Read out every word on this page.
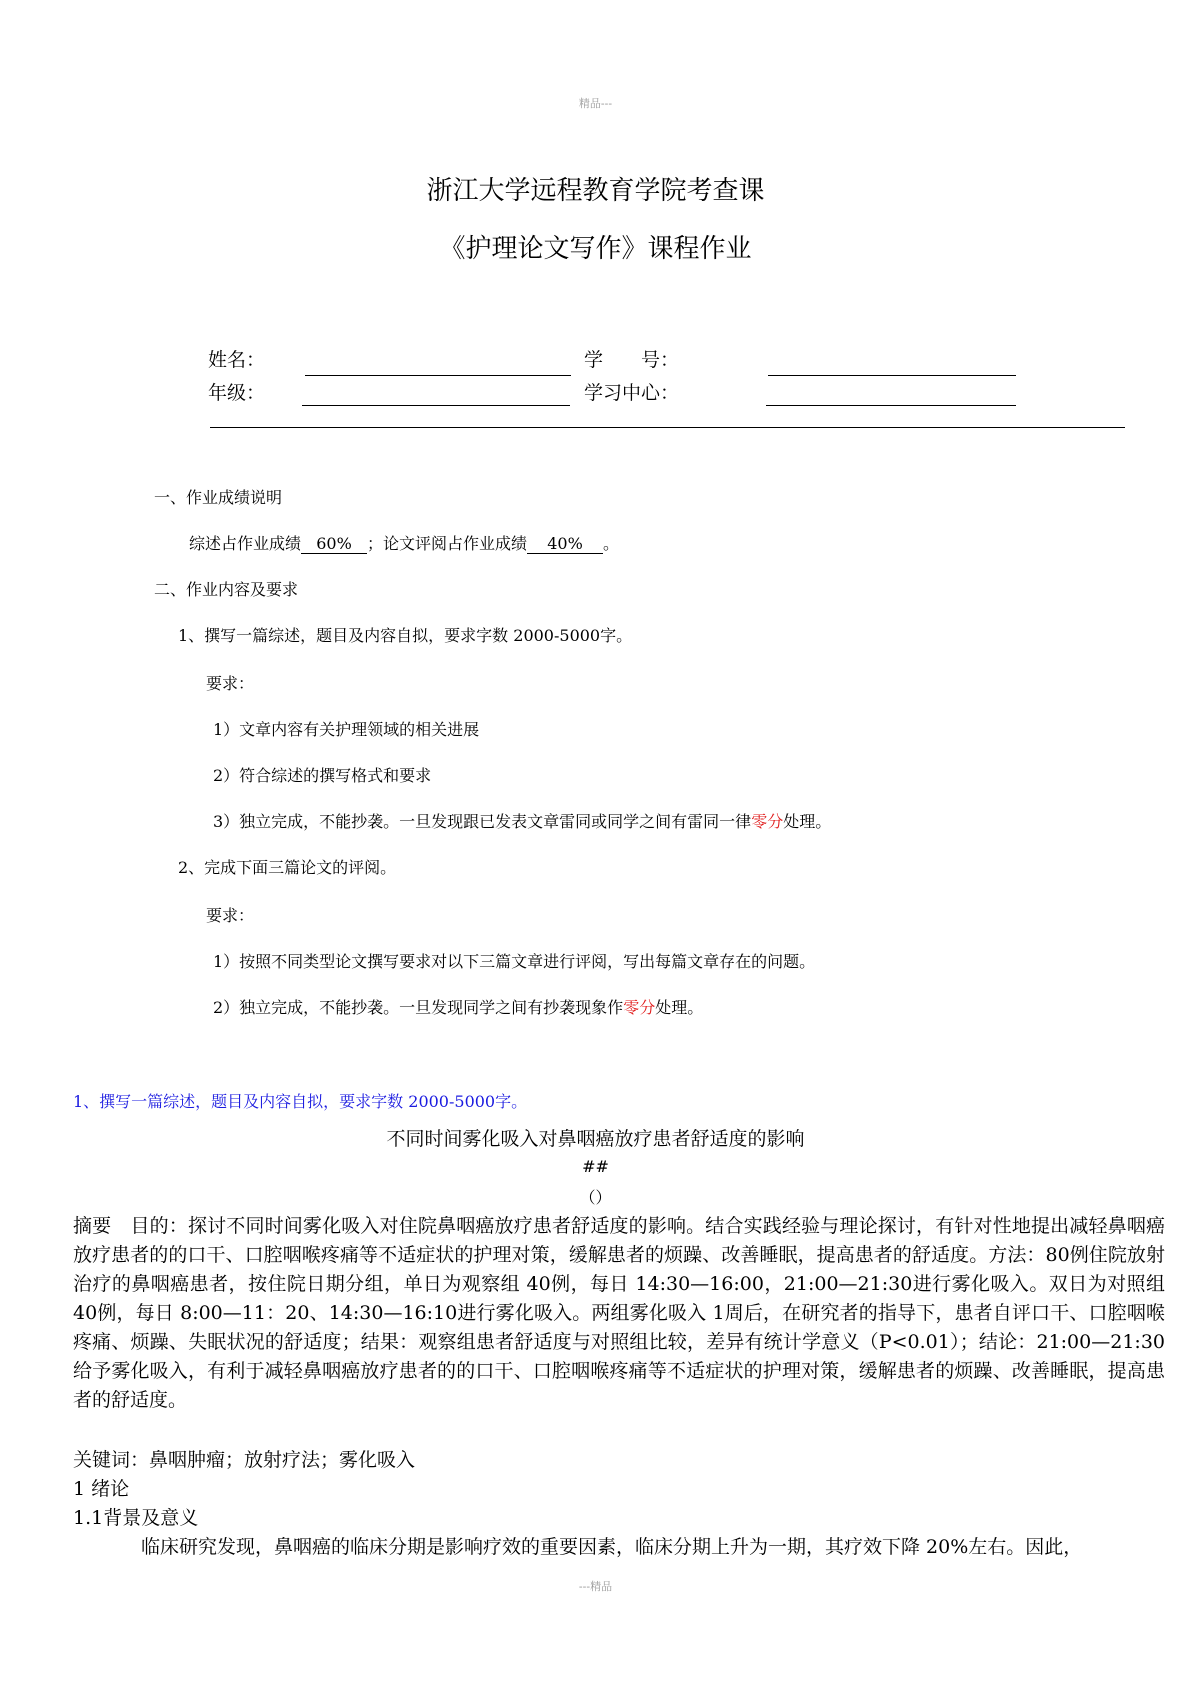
精品---
浙江大学远程教育学院考查课
《护理论文写作》课程作业
姓名：	学　　号：
年级：	学习中心：
一、作业成绩说明
综述占作业成绩 60% ；论文评阅占作业成绩 40% 。
二、作业内容及要求
1、撰写一篇综述，题目及内容自拟，要求字数 2000-5000字。
要求：
1）文章内容有关护理领域的相关进展
2）符合综述的撰写格式和要求
3）独立完成，不能抄袭。一旦发现跟已发表文章雷同或同学之间有雷同一律零分处理。
2、完成下面三篇论文的评阅。
要求：
1）按照不同类型论文撰写要求对以下三篇文章进行评阅，写出每篇文章存在的问题。
2）独立完成，不能抄袭。一旦发现同学之间有抄袭现象作零分处理。
1、撰写一篇综述，题目及内容自拟，要求字数 2000-5000字。
不同时间雾化吸入对鼻咽癌放疗患者舒适度的影响
##
（）
摘要　目的：探讨不同时间雾化吸入对住院鼻咽癌放疗患者舒适度的影响。结合实践经验与理论探讨，有针对性地提出减轻鼻咽癌放疗患者的的口干、口腔咽喉疼痛等不适症状的护理对策，缓解患者的烦躁、改善睡眠，提高患者的舒适度。方法：80例住院放射治疗的鼻咽癌患者，按住院日期分组，单日为观察组 40例，每日 14:30—16:00，21:00—21:30进行雾化吸入。双日为对照组 40例，每日 8:00—11：20、14:30—16:10进行雾化吸入。两组雾化吸入 1周后，在研究者的指导下，患者自评口干、口腔咽喉疼痛、烦躁、失眠状况的舒适度；结果：观察组患者舒适度与对照组比较，差异有统计学意义（P<0.01）；结论：21:00—21:30给予雾化吸入，有利于减轻鼻咽癌放疗患者的的口干、口腔咽喉疼痛等不适症状的护理对策，缓解患者的烦躁、改善睡眠，提高患者的舒适度。
关键词：鼻咽肿瘤；放射疗法；雾化吸入
1 绪论
1.1背景及意义
临床研究发现，鼻咽癌的临床分期是影响疗效的重要因素，临床分期上升为一期，其疗效下降 20%左右。因此，
---精品
